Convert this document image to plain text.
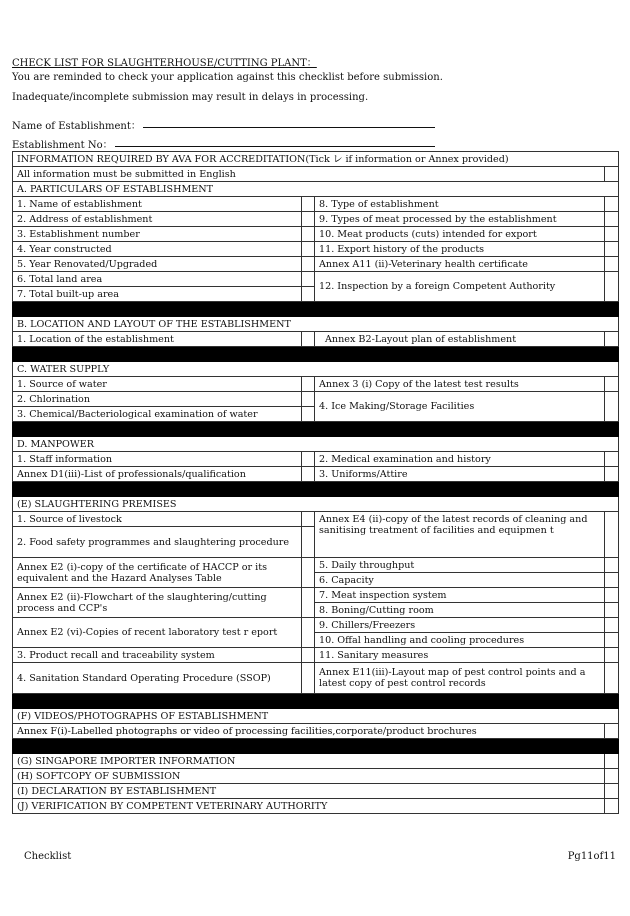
CHECK LIST FOR SLAUGHTERHOUSE/CUTTING PLANT：
You are reminded to check your application against this checklist before submission.
Inadequate/incomplete submission may result in delays in processing.
Name of Establishment：
Establishment No：
INFORMATION REQUIRED BY AVA FOR ACCREDITATION(Tick ㆑ if information or Annex provided)			
All information must be submitted in English			
A. PARTICULARS OF ESTABLISHMENT			
1. Name of establishment		8. Type of establishment	
2. Address of establishment		9. Types of meat processed by the establishment	
3. Establishment number		10. Meat products (cuts) intended for export	
4. Year constructed		11. Export history of the products	
5. Year Renovated/Upgraded		Annex A11 (ii)-Veterinary health certificate	
6. Total land area		12. Inspection by a foreign Competent Authority	
7. Total built-up area			

B. LOCATION AND LAYOUT OF THE ESTABLISHMENT			
1. Location of the establishment		Annex B2-Layout plan of establishment	

C. WATER SUPPLY			
1. Source of water		Annex 3 (i) Copy of the latest test results	
2. Chlorination		4. Ice Making/Storage Facilities	
3. Chemical/Bacteriological examination of water			

D. MANPOWER			
1. Staff information		2. Medical examination and history	
Annex D1(iii)-List of professionals/qualification		3. Uniforms/Attire	

(E) SLAUGHTERING PREMISES			
1. Source of livestock		Annex E4 (ii)-copy of the latest records of cleaning and sanitising treatment of facilities and equipmen t	
2. Food safety programmes and slaughtering procedure			
Annex E2 (i)-copy of the certificate of HACCP or its equivalent and the Hazard Analyses Table		5. Daily throughput	
		6. Capacity	
Annex E2 (ii)-Flowchart of the slaughtering/cutting process and CCP's		7. Meat inspection system	
		8. Boning/Cutting room	
Annex E2 (vi)-Copies of recent laboratory test r eport		9. Chillers/Freezers	
		10. Offal handling and cooling procedures	
3. Product recall and traceability system		11. Sanitary measures	
4. Sanitation Standard Operating Procedure (SSOP)		Annex E11(iii)-Layout map of pest control points and a latest copy of pest control records	

(F) VIDEOS/PHOTOGRAPHS OF ESTABLISHMENT			
Annex F(i)-Labelled photographs or video of processing facilities,corporate/product brochures			

(G) SINGAPORE IMPORTER INFORMATION			
(H) SOFTCOPY OF SUBMISSION			
(I) DECLARATION BY ESTABLISHMENT			
(J) VERIFICATION BY COMPETENT VETERINARY AUTHORITY			
Checklist	Pg11of11
